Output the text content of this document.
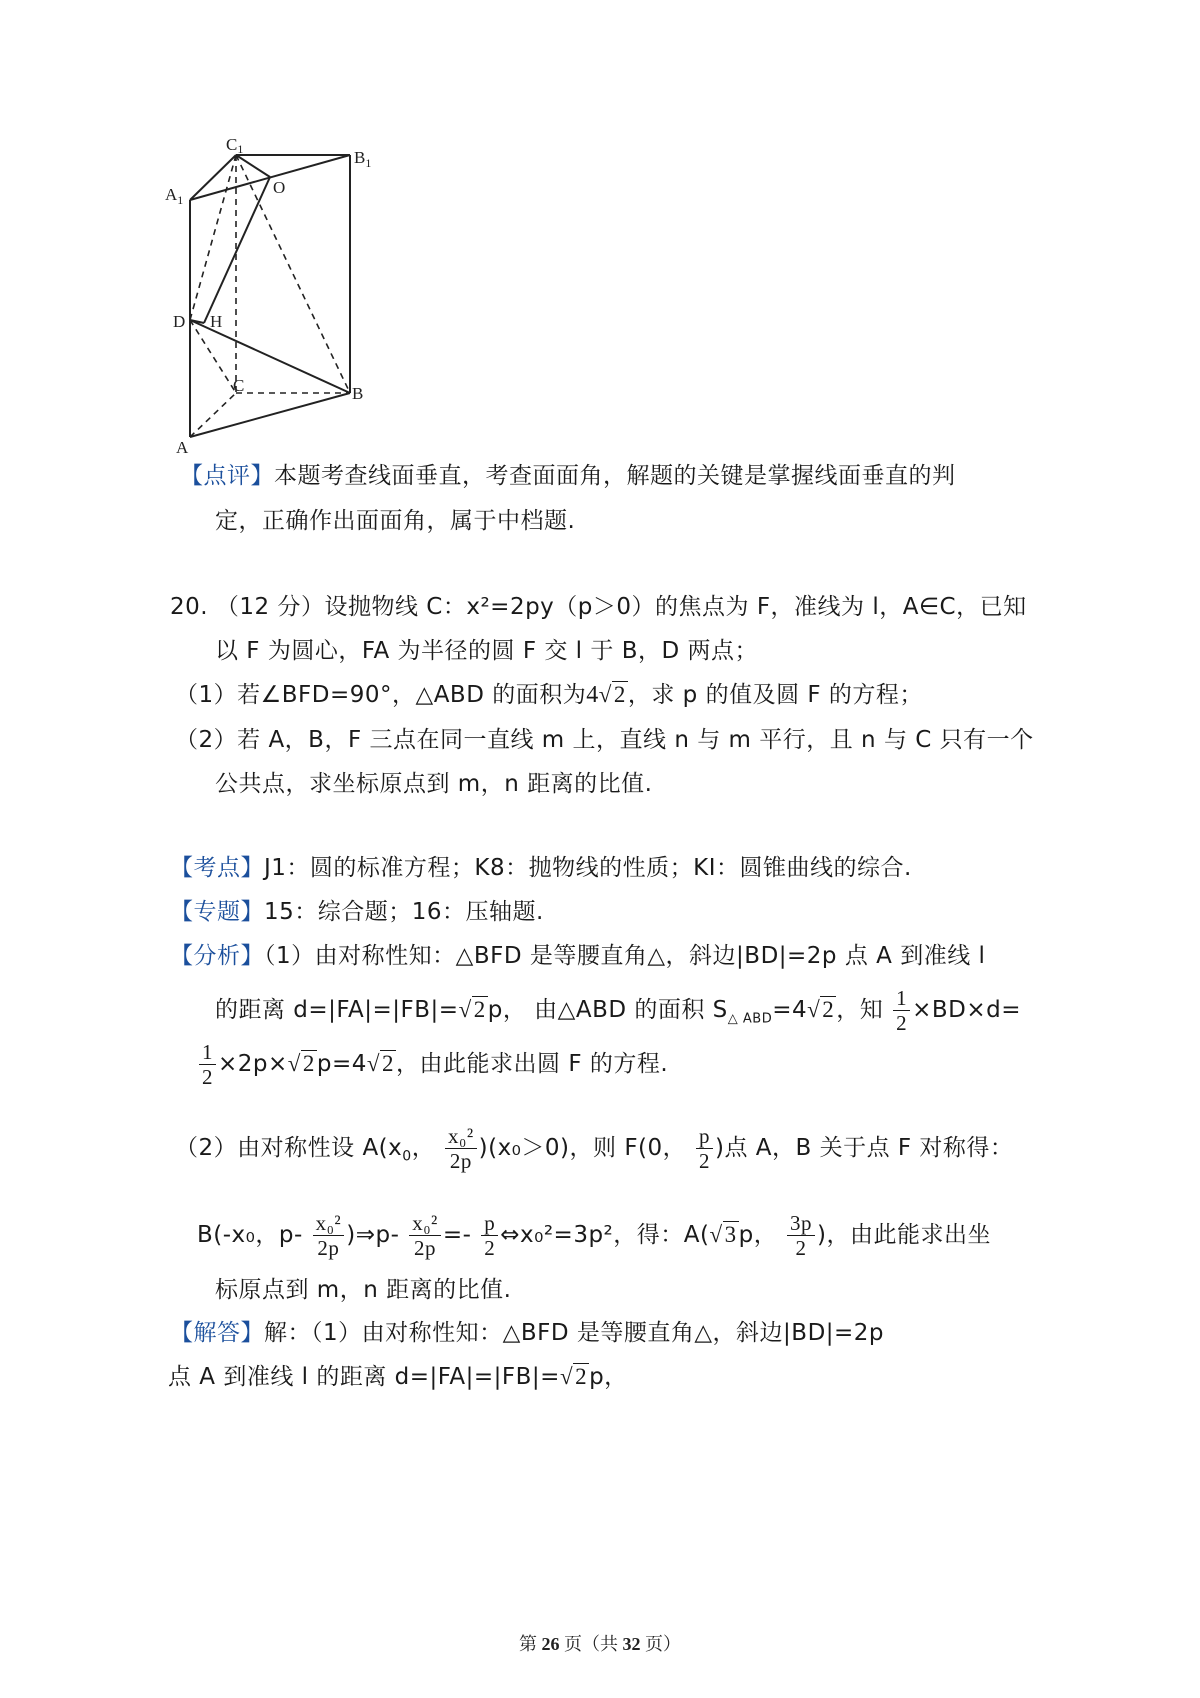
C1	$B_1$
$A_1$
O
D H
C	B
A
【点评】本题考查线面垂直，考查面面角，解题的关键是掌握线面垂直的判
定，正确作出面面角，属于中档题.
20. （12 分）设抛物线 C：x²=2py（p＞0）的焦点为 F，准线为 l，A∈C，已知
以 F 为圆心，FA 为半径的圆 F 交 l 于 B，D 两点；
（1）若∠BFD=90°，△ABD 的面积为4√2，求 p 的值及圆 F 的方程；
（2）若 A，B，F 三点在同一直线 m 上，直线 n 与 m 平行，且 n 与 C 只有一个
公共点，求坐标原点到 m，n 距离的比值.
【考点】J1：圆的标准方程；K8：抛物线的性质；KI：圆锥曲线的综合.
【专题】15：综合题；16：压轴题.
【分析】（1）由对称性知：△BFD 是等腰直角△，斜边|BD|=2p 点 A 到准线 l
的距离 d=|FA|=|FB|=√2p， 由△ABD 的面积 $S_{\triangle ABD}=4√2$，知 $\frac{1}{2} \times BD\times d=$
$\frac{1}{2} \times 2p\times√2p=4√2$，由此能求出圆 F 的方程.
（2）由对称性设 $A(x_0$， $\frac{\text{x₀²}}{2p} )(x_0>0)$，则 F(0， $\frac{p}{2}$ )点 A，B 关于点 F 对称得：
B(-x₀，$p- \frac{\text{x₀²}}{2p}$ )⇒p- $\frac{\text{x₀²}}{2p} =- \frac{p}{2}$ ⇔x₀²=3p²，得：A(√3p， $\frac{3p}{2}$ )，由此能求出坐
标原点到 m，n 距离的比值.
【解答】解：（1）由对称性知：△BFD 是等腰直角△，斜边|BD|=2p
点 A 到准线 l 的距离 d=|FA|=|FB|=√2p，
第 26 页（共 32 页）
